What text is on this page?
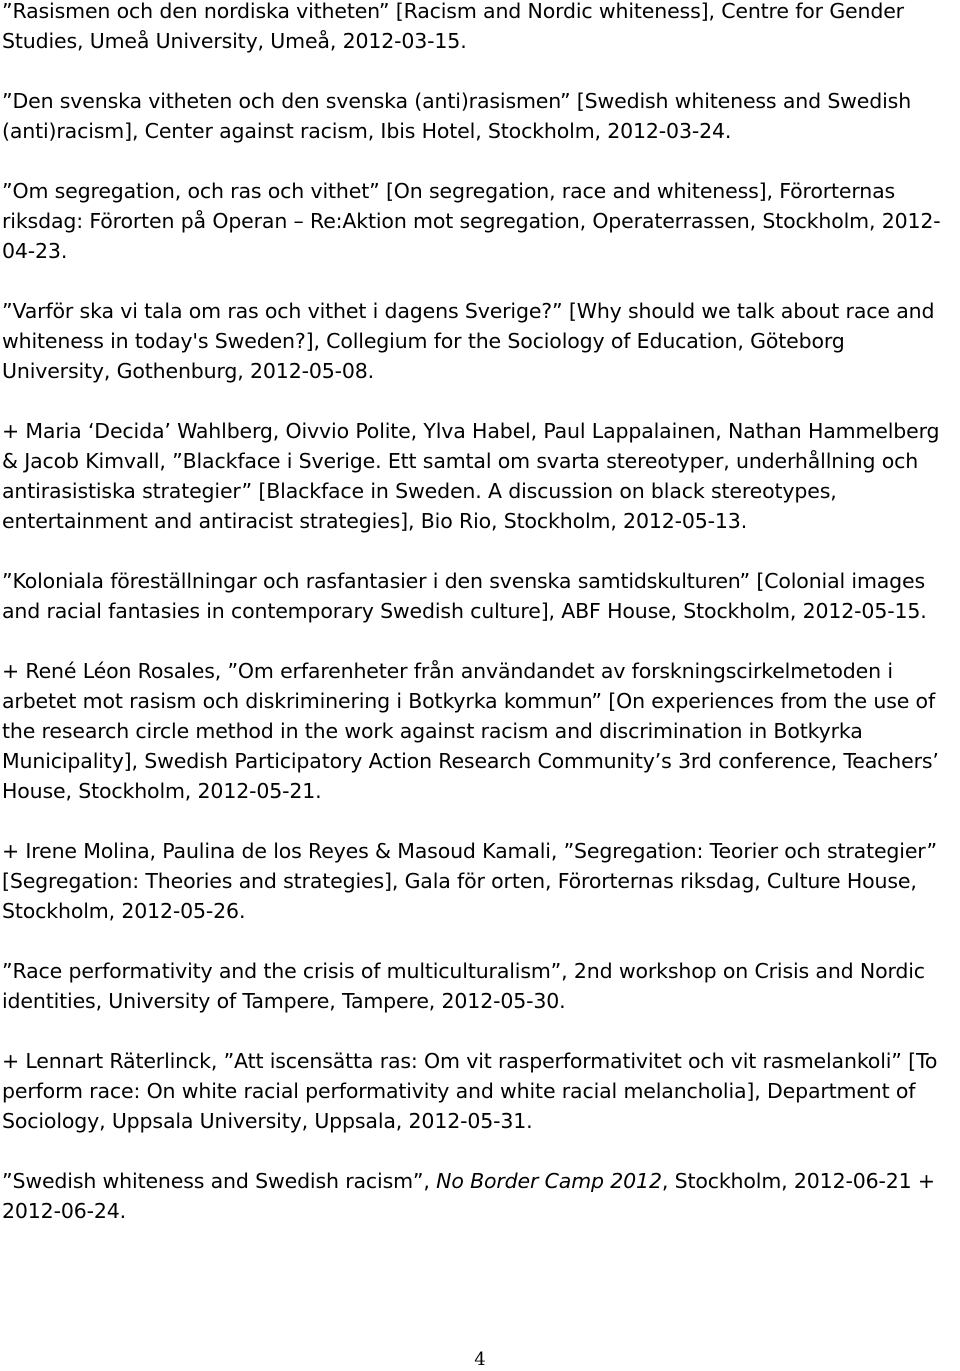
”Rasismen och den nordiska vitheten” [Racism and Nordic whiteness], Centre for Gender Studies, Umeå University, Umeå, 2012-03-15.

”Den svenska vitheten och den svenska (anti)rasismen” [Swedish whiteness and Swedish (anti)racism], Center against racism, Ibis Hotel, Stockholm, 2012-03-24.

”Om segregation, och ras och vithet” [On segregation, race and whiteness], Förorternas riksdag: Förorten på Operan – Re:Aktion mot segregation, Operaterrassen, Stockholm, 2012-04-23.

”Varför ska vi tala om ras och vithet i dagens Sverige?” [Why should we talk about race and whiteness in today's Sweden?], Collegium for the Sociology of Education, Göteborg University, Gothenburg, 2012-05-08.

+ Maria ‘Decida’ Wahlberg, Oivvio Polite, Ylva Habel, Paul Lappalainen, Nathan Hammelberg & Jacob Kimvall, ”Blackface i Sverige. Ett samtal om svarta stereotyper, underhållning och antirasistiska strategier” [Blackface in Sweden. A discussion on black stereotypes, entertainment and antiracist strategies], Bio Rio, Stockholm, 2012-05-13.

”Koloniala föreställningar och rasfantasier i den svenska samtidskulturen” [Colonial images and racial fantasies in contemporary Swedish culture], ABF House, Stockholm, 2012-05-15.

+ René Léon Rosales, ”Om erfarenheter från användandet av forskningscirkelmetoden i arbetet mot rasism och diskriminering i Botkyrka kommun” [On experiences from the use of the research circle method in the work against racism and discrimination in Botkyrka Municipality], Swedish Participatory Action Research Community’s 3rd conference, Teachers’ House, Stockholm, 2012-05-21.

+ Irene Molina, Paulina de los Reyes & Masoud Kamali, ”Segregation: Teorier och strategier” [Segregation: Theories and strategies], Gala för orten, Förorternas riksdag, Culture House, Stockholm, 2012-05-26.

”Race performativity and the crisis of multiculturalism”, 2nd workshop on Crisis and Nordic identities, University of Tampere, Tampere, 2012-05-30.

+ Lennart Räterlinck, ”Att iscensätta ras: Om vit rasperformativitet och vit rasmelankoli” [To perform race: On white racial performativity and white racial melancholia], Department of Sociology, Uppsala University, Uppsala, 2012-05-31.

”Swedish whiteness and Swedish racism”, No Border Camp 2012, Stockholm, 2012-06-21 + 2012-06-24.

4
